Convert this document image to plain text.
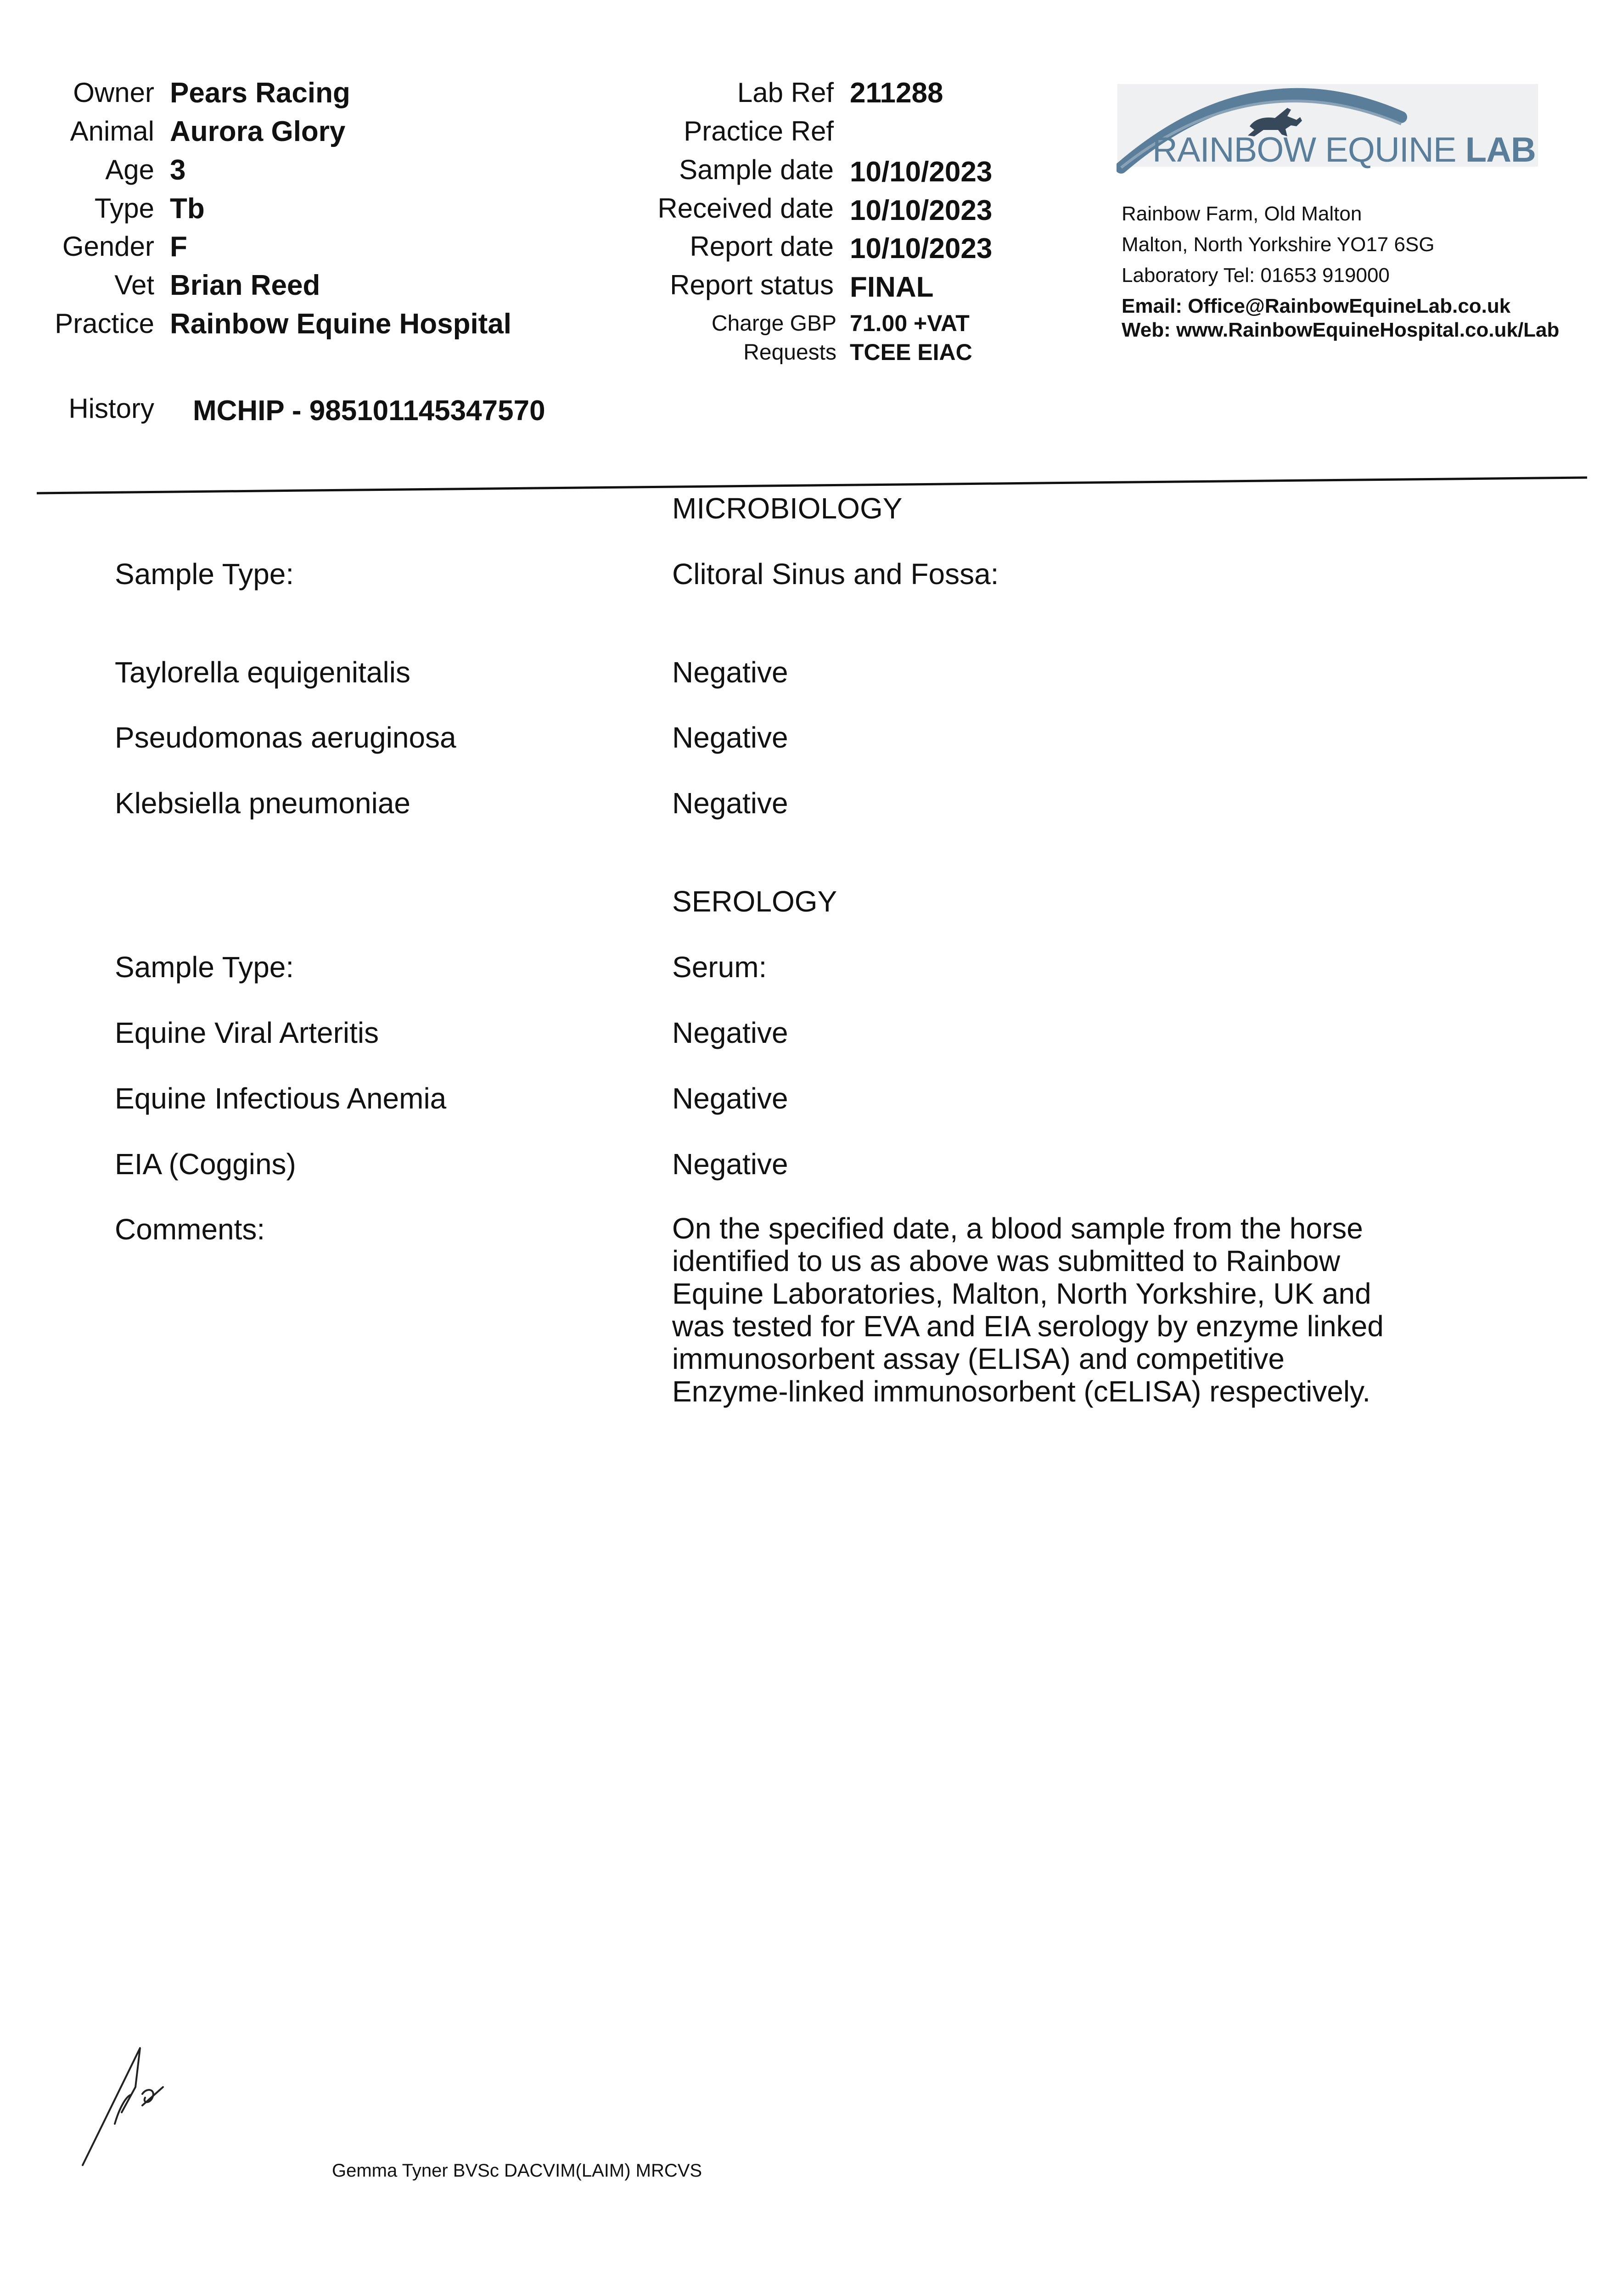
Owner Pears Racing
Animal Aurora Glory
Age 3
Type Tb
Gender F
Vet Brian Reed
Practice Rainbow Equine Hospital
History MCHIP - 985101145347570
Lab Ref 211288
Practice Ref
Sample date 10/10/2023
Received date 10/10/2023
Report date 10/10/2023
Report status FINAL
Charge GBP 71.00 +VAT
Requests TCEE EIAC
RAINBOW EQUINE LAB
Rainbow Farm, Old Malton
Malton, North Yorkshire YO17 6SG
Laboratory Tel: 01653 919000
Email: Office@RainbowEquineLab.co.uk
Web: www.RainbowEquineHospital.co.uk/Lab
MICROBIOLOGY
Sample Type:	Clitoral Sinus and Fossa:
Taylorella equigenitalis	Negative
Pseudomonas aeruginosa	Negative
Klebsiella pneumoniae	Negative
SEROLOGY
Sample Type:	Serum:
Equine Viral Arteritis	Negative
Equine Infectious Anemia	Negative
EIA (Coggins)	Negative
Comments:	On the specified date, a blood sample from the horse
identified to us as above was submitted to Rainbow
Equine Laboratories, Malton, North Yorkshire, UK and
was tested for EVA and EIA serology by enzyme linked
immunosorbent assay (ELISA) and competitive
Enzyme-linked immunosorbent (cELISA) respectively.
Gemma Tyner BVSc DACVIM(LAIM) MRCVS
